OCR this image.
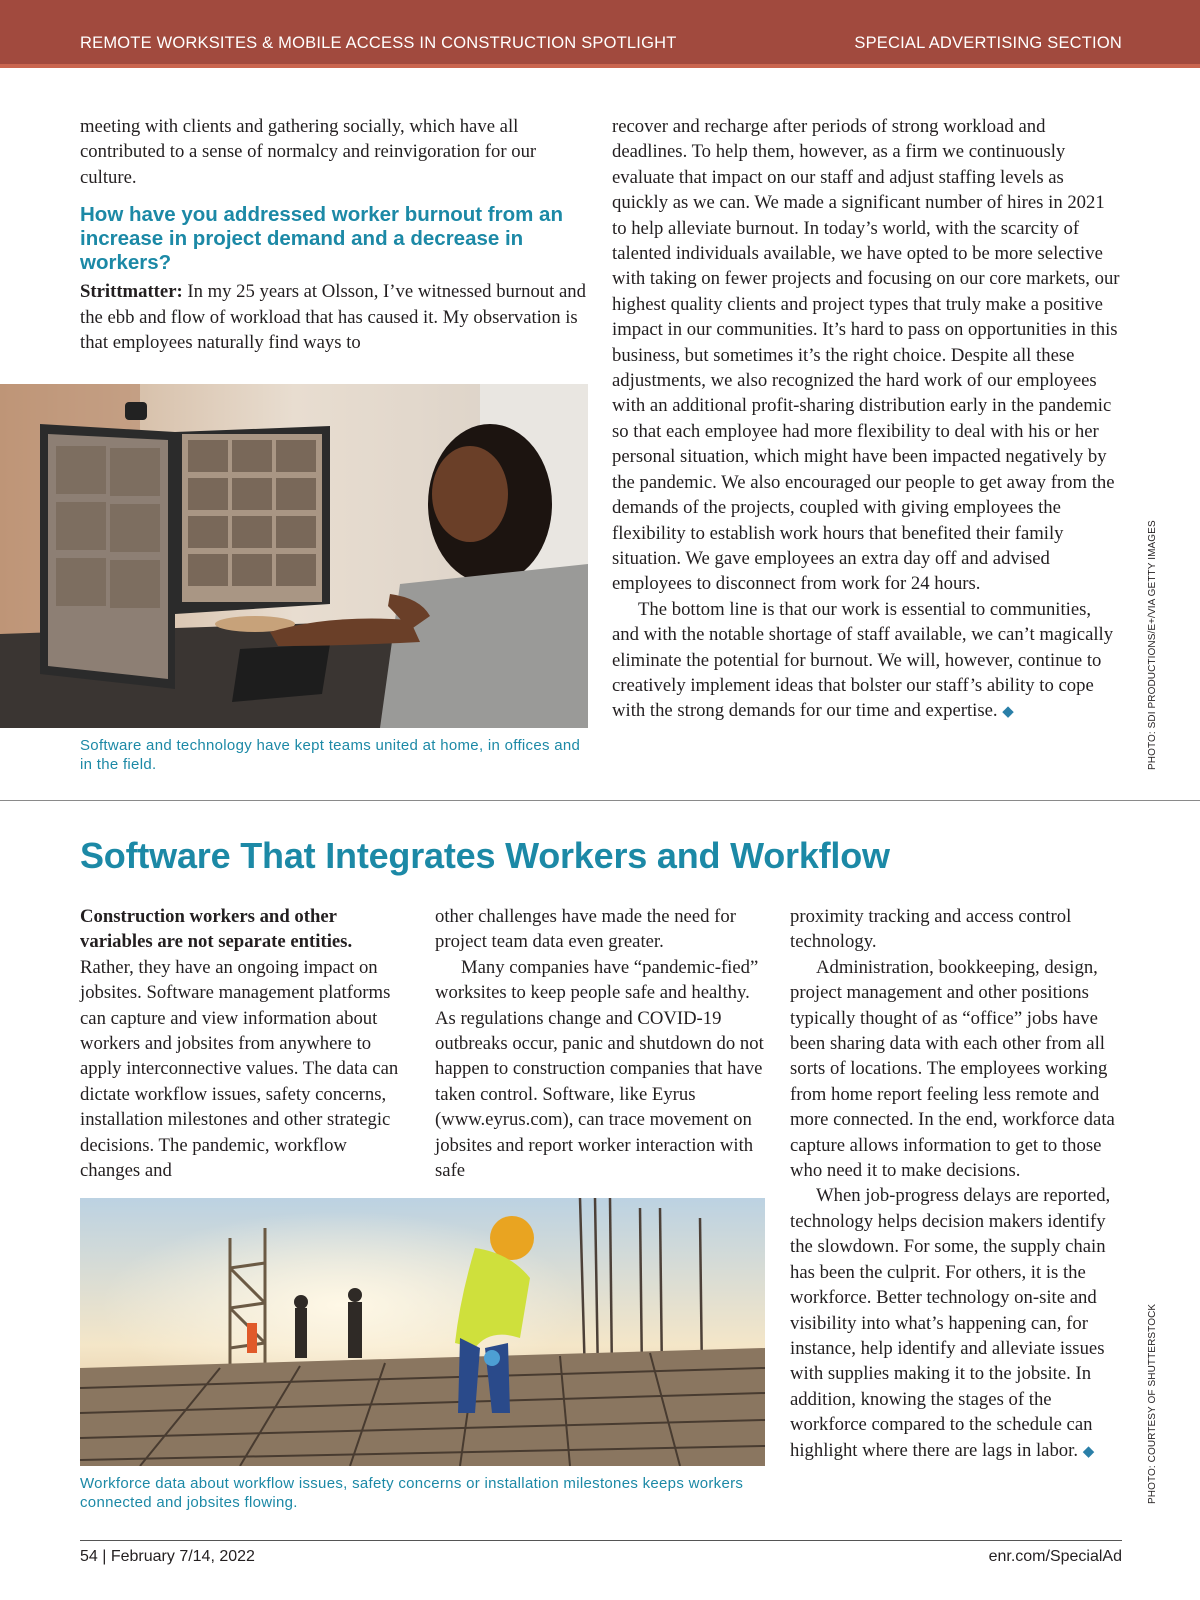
REMOTE WORKSITES & MOBILE ACCESS IN CONSTRUCTION SPOTLIGHT	SPECIAL ADVERTISING SECTION

meeting with clients and gathering socially, which have all contributed to a sense of normalcy and reinvigoration for our culture.

How have you addressed worker burnout from an increase in project demand and a decrease in workers?

Strittmatter: In my 25 years at Olsson, I’ve witnessed burnout and the ebb and flow of workload that has caused it. My observation is that employees naturally find ways to

Software and technology have kept teams united at home, in offices and in the field.

recover and recharge after periods of strong workload and deadlines. To help them, however, as a firm we continuously evaluate that impact on our staff and adjust staffing levels as quickly as we can. We made a significant number of hires in 2021 to help alleviate burnout. In today’s world, with the scarcity of talented individuals available, we have opted to be more selective with taking on fewer projects and focusing on our core markets, our highest quality clients and project types that truly make a positive impact in our communities. It’s hard to pass on opportunities in this business, but sometimes it’s the right choice. Despite all these adjustments, we also recognized the hard work of our employees with an additional profit-sharing distribution early in the pandemic so that each employee had more flexibility to deal with his or her personal situation, which might have been impacted negatively by the pandemic. We also encouraged our people to get away from the demands of the projects, coupled with giving employees the flexibility to establish work hours that benefited their family situation. We gave employees an extra day off and advised employees to disconnect from work for 24 hours.

The bottom line is that our work is essential to communities, and with the notable shortage of staff available, we can’t magically eliminate the potential for burnout. We will, however, continue to creatively implement ideas that bolster our staff’s ability to cope with the strong demands for our time and expertise. ◆	PHOTO: SDI PRODUCTIONS/E+/VIA GETTY IMAGES
Software That Integrates Workers and Workflow

Construction workers and other variables are not separate entities. Rather, they have an ongoing impact on jobsites. Software management platforms can capture and view information about workers and jobsites from anywhere to apply interconnective values. The data can dictate workflow issues, safety concerns, installation milestones and other strategic decisions. The pandemic, workflow changes and

other challenges have made the need for project team data even greater.

Many companies have “pandemic-fied” worksites to keep people safe and healthy. As regulations change and COVID-19 outbreaks occur, panic and shutdown do not happen to construction companies that have taken control. Software, like Eyrus (www.eyrus.com), can trace movement on jobsites and report worker interaction with safe

proximity tracking and access control technology.

Administration, bookkeeping, design, project management and other positions typically thought of as “office” jobs have been sharing data with each other from all sorts of locations. The employees working from home report feeling less remote and more connected. In the end, workforce data capture allows information to get to those who need it to make decisions.

When job-progress delays are reported, technology helps decision makers identify the slowdown. For some, the supply chain has been the culprit. For others, it is the workforce. Better technology on-site and visibility into what’s happening can, for instance, help identify and alleviate issues with supplies making it to the jobsite. In addition, knowing the stages of the workforce compared to the schedule can highlight where there are lags in labor. ◆

Workforce data about workflow issues, safety concerns or installation milestones keeps workers connected and jobsites flowing.	PHOTO: COURTESY OF SHUTTERSTOCK
54 | February 7/14, 2022	enr.com/SpecialAd
